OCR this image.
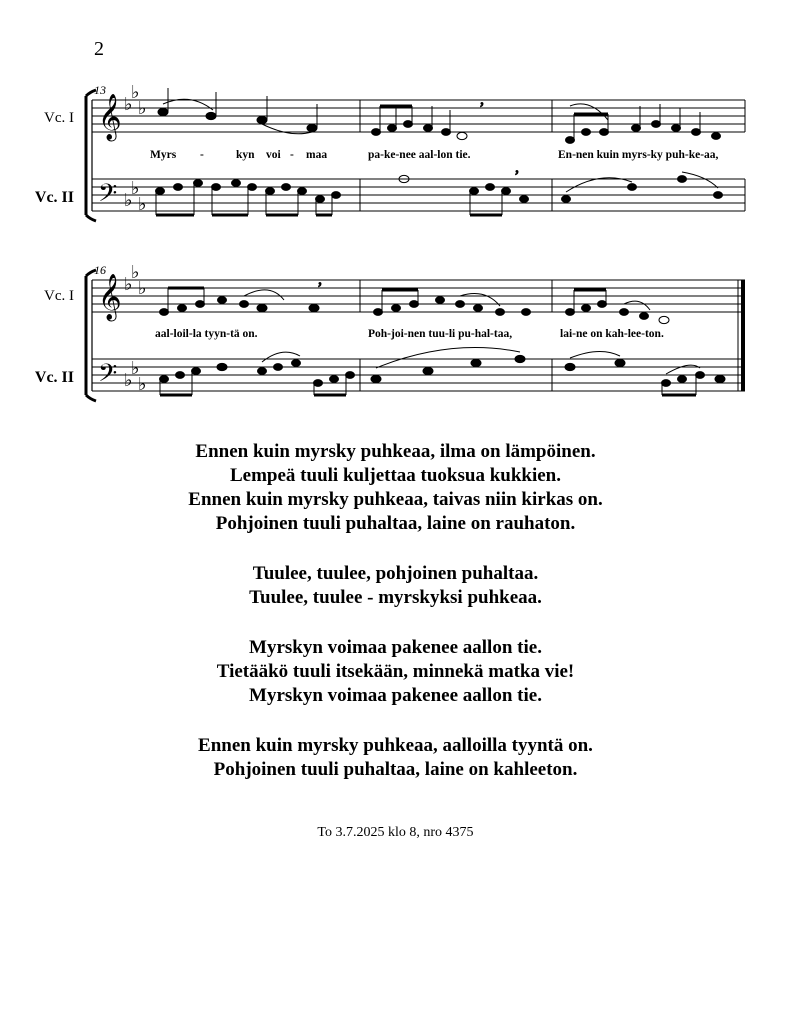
2
13
Vc. I
Vc. II
16
Vc. I
Vc. II
Myrs -	kyn voi - maa	pa-ke-nee aal-lon tie.	En-nen kuin myrs-ky puh-ke-aa,
aal-loil-la tyyn-tä on.	Poh-joi-nen tuu-li pu-hal-taa,	lai-ne on kah-lee-ton.
𝄞
𝄢
𝄞
𝄢
♭
♭
♭
♭
♭
♭
♭
♭
♭
♭
♭
♭
,
,
,
Ennen kuin myrsky puhkeaa, ilma on lämpöinen.
Lempeä tuuli kuljettaa tuoksua kukkien.
Ennen kuin myrsky puhkeaa, taivas niin kirkas on.
Pohjoinen tuuli puhaltaa, laine on rauhaton.
Tuulee, tuulee, pohjoinen puhaltaa.
Tuulee, tuulee - myrskyksi puhkeaa.
Myrskyn voimaa pakenee aallon tie.
Tietääkö tuuli itsekään, minnekä matka vie!
Myrskyn voimaa pakenee aallon tie.
Ennen kuin myrsky puhkeaa, aalloilla tyyntä on.
Pohjoinen tuuli puhaltaa, laine on kahleeton.
To 3.7.2025 klo 8, nro 4375
